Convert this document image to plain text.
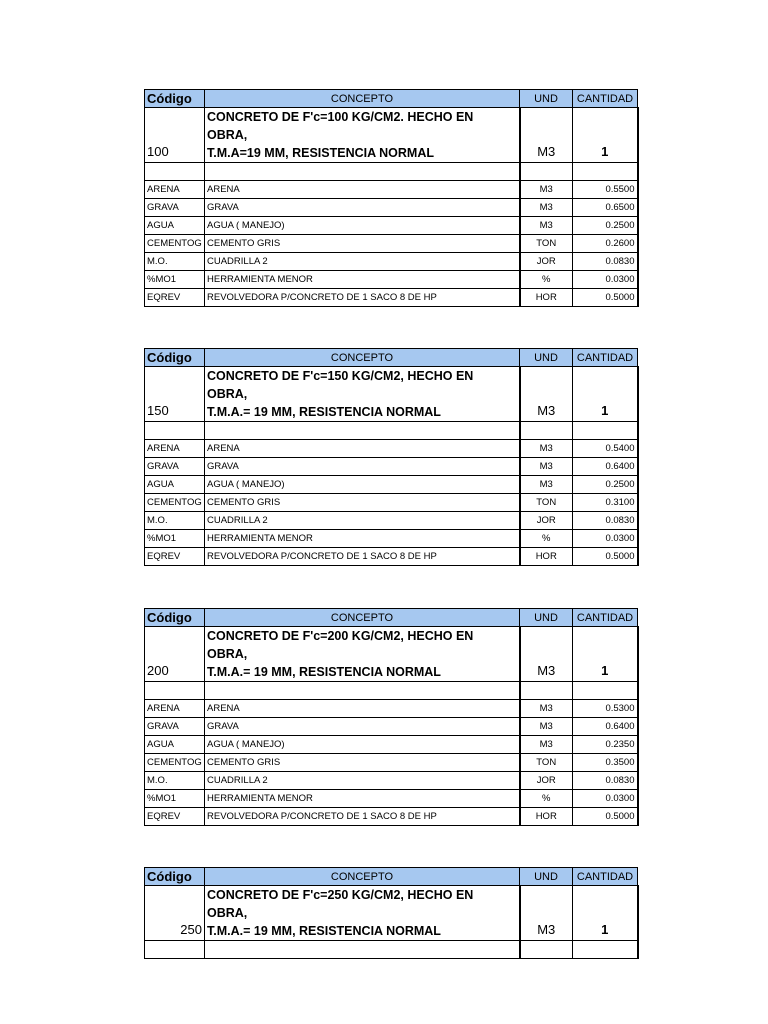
Código	CONCEPTO	UND	CANTIDAD
100	CONCRETO DE F'c=100 KG/CM2. HECHO EN OBRA,
T.M.A=19 MM, RESISTENCIA NORMAL	M3	1

ARENA	ARENA	M3	0.5500
GRAVA	GRAVA	M3	0.6500
AGUA	AGUA ( MANEJO)	M3	0.2500
CEMENTOG	CEMENTO GRIS	TON	0.2600
M.O.	CUADRILLA 2	JOR	0.0830
%MO1	HERRAMIENTA MENOR	%	0.0300
EQREV	REVOLVEDORA P/CONCRETO DE 1 SACO 8 DE HP	HOR	0.5000
Código	CONCEPTO	UND	CANTIDAD
150	CONCRETO DE F'c=150 KG/CM2, HECHO EN OBRA,
T.M.A.= 19 MM, RESISTENCIA NORMAL	M3	1

ARENA	ARENA	M3	0.5400
GRAVA	GRAVA	M3	0.6400
AGUA	AGUA ( MANEJO)	M3	0.2500
CEMENTOG	CEMENTO GRIS	TON	0.3100
M.O.	CUADRILLA 2	JOR	0.0830
%MO1	HERRAMIENTA MENOR	%	0.0300
EQREV	REVOLVEDORA P/CONCRETO DE 1 SACO 8 DE HP	HOR	0.5000
Código	CONCEPTO	UND	CANTIDAD
200	CONCRETO DE F'c=200 KG/CM2, HECHO EN OBRA,
T.M.A.= 19 MM, RESISTENCIA NORMAL	M3	1

ARENA	ARENA	M3	0.5300
GRAVA	GRAVA	M3	0.6400
AGUA	AGUA ( MANEJO)	M3	0.2350
CEMENTOG	CEMENTO GRIS	TON	0.3500
M.O.	CUADRILLA 2	JOR	0.0830
%MO1	HERRAMIENTA MENOR	%	0.0300
EQREV	REVOLVEDORA P/CONCRETO DE 1 SACO 8 DE HP	HOR	0.5000
Código	CONCEPTO	UND	CANTIDAD
250	CONCRETO DE F'c=250 KG/CM2, HECHO EN OBRA,
T.M.A.= 19 MM, RESISTENCIA NORMAL	M3	1
